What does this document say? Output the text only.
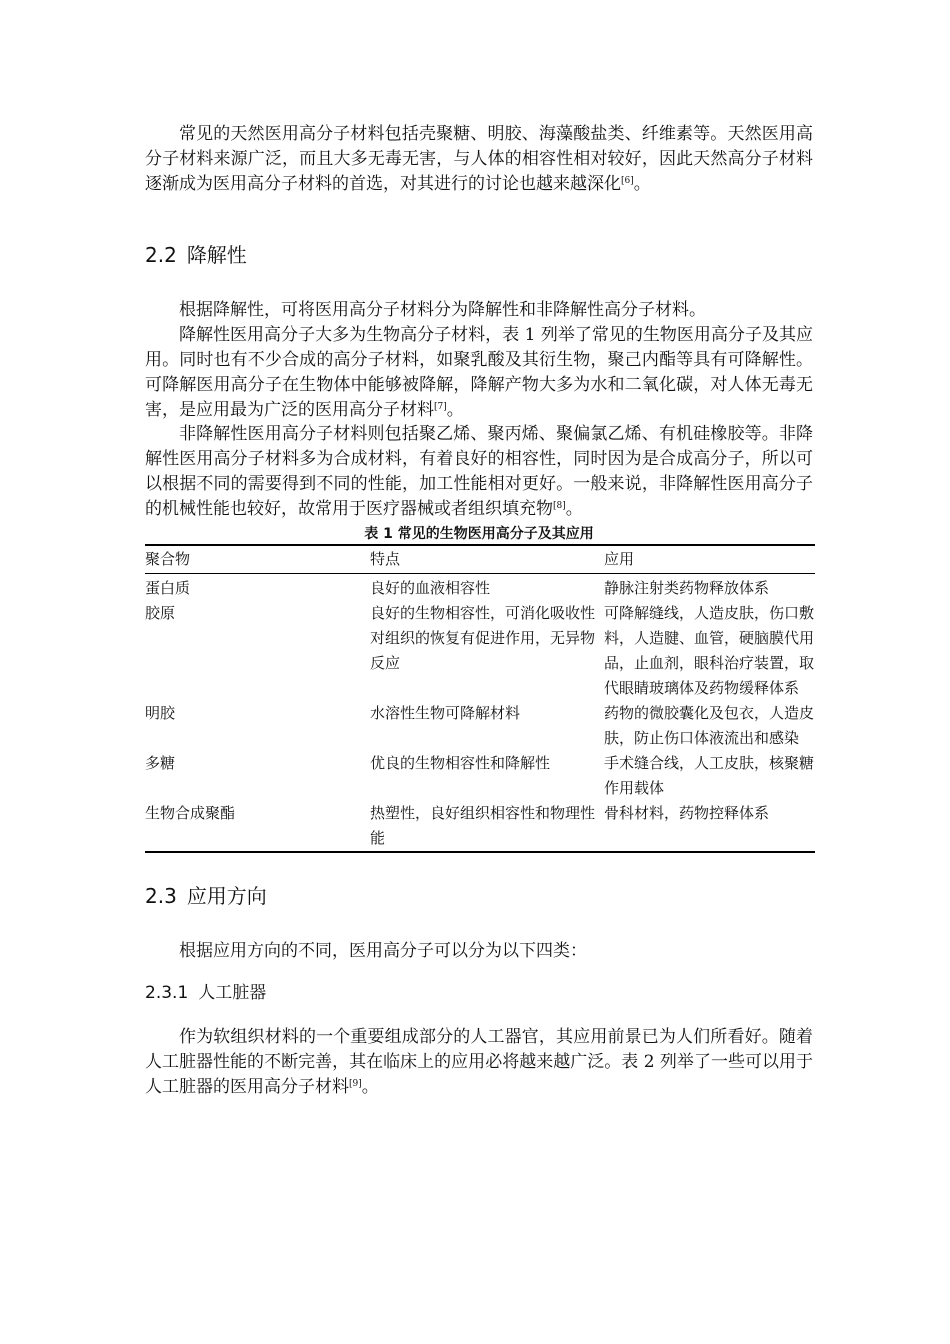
常见的天然医用高分子材料包括壳聚糖、明胶、海藻酸盐类、纤维素等。天然医用高分子材料来源广泛，而且大多无毒无害，与人体的相容性相对较好，因此天然高分子材料逐渐成为医用高分子材料的首选，对其进行的讨论也越来越深化[6]。

2.2 降解性

根据降解性，可将医用高分子材料分为降解性和非降解性高分子材料。

降解性医用高分子大多为生物高分子材料，表 1 列举了常见的生物医用高分子及其应用。同时也有不少合成的高分子材料，如聚乳酸及其衍生物，聚己内酯等具有可降解性。可降解医用高分子在生物体中能够被降解，降解产物大多为水和二氧化碳，对人体无毒无害，是应用最为广泛的医用高分子材料[7]。

非降解性医用高分子材料则包括聚乙烯、聚丙烯、聚偏氯乙烯、有机硅橡胶等。非降解性医用高分子材料多为合成材料，有着良好的相容性，同时因为是合成高分子，所以可以根据不同的需要得到不同的性能，加工性能相对更好。一般来说，非降解性医用高分子的机械性能也较好，故常用于医疗器械或者组织填充物[8]。

表 1 常见的生物医用高分子及其应用

聚合物	特点	应用
蛋白质	良好的血液相容性	静脉注射类药物释放体系
胶原	良好的生物相容性，可消化吸收性对组织的恢复有促进作用，无异物反应	可降解缝线，人造皮肤，伤口敷料，人造腱、血管，硬脑膜代用品，止血剂，眼科治疗装置，取代眼睛玻璃体及药物缓释体系
明胶	水溶性生物可降解材料	药物的微胶囊化及包衣，人造皮肤，防止伤口体液流出和感染
多糖	优良的生物相容性和降解性	手术缝合线，人工皮肤，核聚糖作用载体
生物合成聚酯	热塑性，良好组织相容性和物理性能	骨科材料，药物控释体系
2.3 应用方向

根据应用方向的不同，医用高分子可以分为以下四类：

2.3.1 人工脏器

作为软组织材料的一个重要组成部分的人工器官，其应用前景已为人们所看好。随着人工脏器性能的不断完善，其在临床上的应用必将越来越广泛。表 2 列举了一些可以用于人工脏器的医用高分子材料[9]。
